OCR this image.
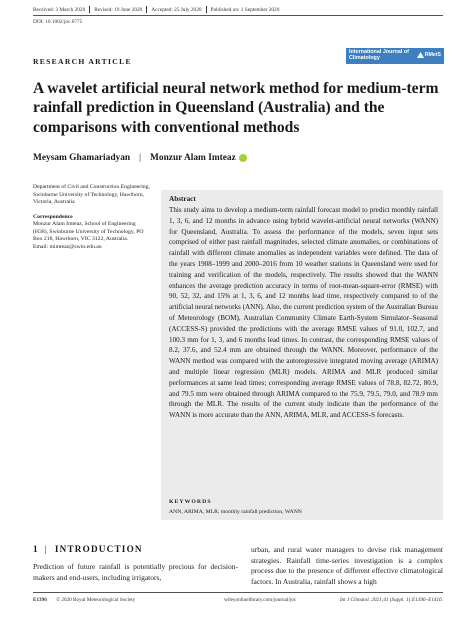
Received: 3 March 2020 Revised: 19 June 2020 Accepted: 25 July 2020 Published on: 1 September 2020
DOI: 10.1002/joc.6775
RESEARCH ARTICLE
International Journal of Climatology
RMetS
A wavelet artificial neural network method for medium-term rainfall prediction in Queensland (Australia) and the comparisons with conventional methods
Meysam Ghamariadyan | Monzur Alam Imteaz

Department of Civil and Construction Engineering, Swinburne University of Technology, Hawthorn, Victoria, Australia

Correspondence

Monzur Alam Imteaz, School of Engineering (H38), Swinburne University of Technology, PO Box 218, Hawthorn, VIC 3122, Australia.

Email: mimteaz@swin.edu.au

Abstract
This study aims to develop a medium-term rainfall forecast model to predict monthly rainfall 1, 3, 6, and 12 months in advance using hybrid wavelet-artificial neural networks (WANN) for Queensland, Australia. To assess the performance of the models, seven input sets comprised of either past rainfall magnitudes, selected climate anomalies, or combinations of rainfall with different climate anomalies as independent variables were defined. The data of the years 1908–1999 and 2000–2016 from 10 weather stations in Queensland were used for training and verification of the models, respectively. The results showed that the WANN enhances the average prediction accuracy in terms of root-mean-square-error (RMSE) with 90, 52, 32, and 15% at 1, 3, 6, and 12 months lead time, respectively compared to of the artificial neural networks (ANN). Also, the current prediction system of the Australian Bureau of Meteorology (BOM), Australian Community Climate Earth-System Simulator–Seasonal (ACCESS-S) provided the predictions with the average RMSE values of 91.0, 102.7, and 100.3 mm for 1, 3, and 6 months lead times. In contrast, the corresponding RMSE values of 8.2, 37.6, and 52.4 mm are obtained through the WANN. Moreover, performance of the WANN method was compared with the autoregressive integrated moving average (ARIMA) and multiple linear regression (MLR) models. ARIMA and MLR produced similar performances at same lead times; corresponding average RMSE values of 78.8, 82.72, 80.9, and 79.5 mm were obtained through ARIMA compared to the 75.9, 79.5, 79.0, and 78.9 mm through the MLR. The results of the current study indicate than the performance of the WANN is more accurate than the ANN, ARIMA, MLR, and ACCESS-S forecasts.
KEYWORDS
ANN, ARIMA, MLR, monthly rainfall prediction, WANN
1 | INTRODUCTION
Prediction of future rainfall is potentially precious for decision-makers and end-users, including irrigators,
urban, and rural water managers to devise risk management strategies. Rainfall time-series investigation is a complex process due to the presence of different effective climatological factors. In Australia, rainfall shows a high
E1396 © 2020 Royal Meteorological Society	wileyonlinelibrary.com/journal/joc	Int J Climatol. 2021;41 (Suppl. 1):E1396–E1416.
